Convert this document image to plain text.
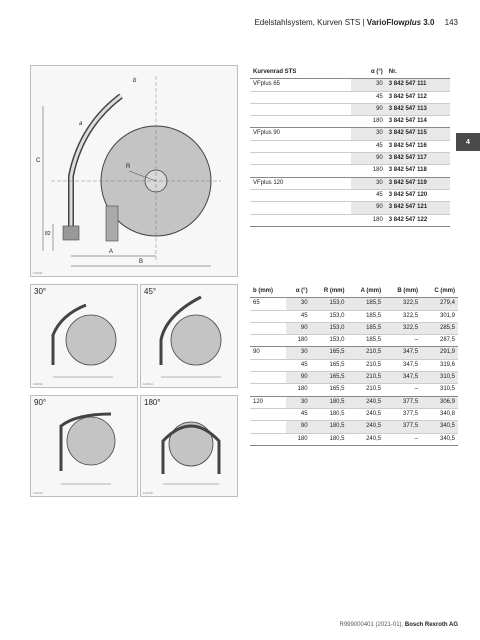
Edelstahlsystem, Kurven STS | VarioFlowplus 3.0 143
4
A
B
C
82
R
b
a
110011
30°
110012
45°
110013
90°
110014
180°
110015
Kurvenrad STS	α (°)	Nr.
VFplus 65	30	3 842 547 111
	45	3 842 547 112
	90	3 842 547 113
	180	3 842 547 114
VFplus 90	30	3 842 547 115
	45	3 842 547 116
	90	3 842 547 117
	180	3 842 547 118
VFplus 120	30	3 842 547 119
	45	3 842 547 120
	90	3 842 547 121
	180	3 842 547 122
b (mm)	α (°)	R (mm)	A (mm)	B (mm)	C (mm)
65	30	153,0	185,5	322,5	279,4
	45	153,0	185,5	322,5	301,9
	90	153,0	185,5	322,5	285,5
	180	153,0	185,5	–	287,5
90	30	165,5	210,5	347,5	291,9
	45	165,5	210,5	347,5	319,6
	90	165,5	210,5	347,5	310,5
	180	165,5	210,5	–	310,5
120	30	180,5	240,5	377,5	306,9
	45	180,5	240,5	377,5	340,8
	90	180,5	240,5	377,5	340,5
	180	180,5	240,5	–	340,5
R999000401 (2021-01), Bosch Rexroth AG
